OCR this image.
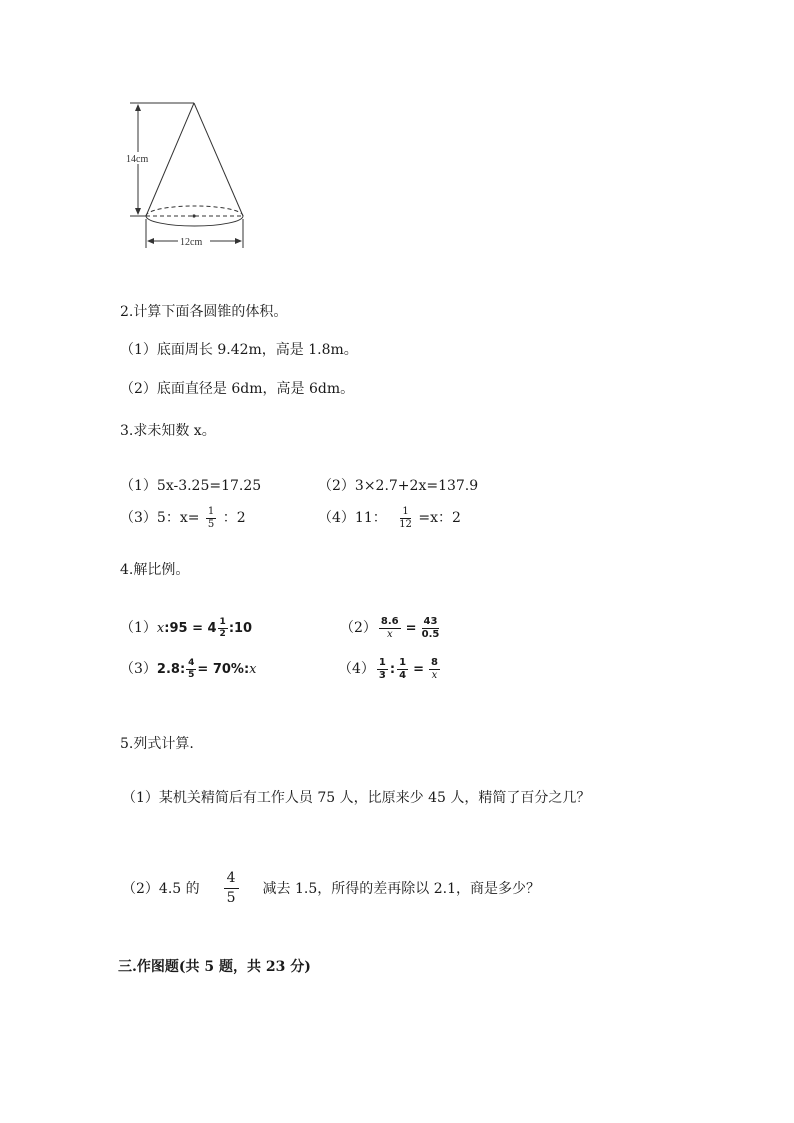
14cm
12cm
2.计算下面各圆锥的体积。
（1）底面周长 9.42m，高是 1.8m。
（2）底面直径是 6dm，高是 6dm。
3.求未知数 x。
（1）5x-3.25=17.25	（2）3×2.7+2x=137.9
（3）5：$x= \frac{1}{5}$ ：2	（4）11： $\frac{1}{12} =x$：2
4.解比例。
（1）x:95 = $4 \frac{1}{2}$ :10	$(2) \frac{8.6}{x} = \frac{43}{0.5}$
（3）2.8: $\frac{4}{5}$ = 70%:x	$(4) \frac{1}{3}$ : $\frac{1}{4} = \frac{8}{x}$
5.列式计算.
（1）某机关精简后有工作人员 75 人，比原来少 45 人，精简了百分之几？
（2）4.5 的 $\frac{4}{5}$ 减去 1.5，所得的差再除以 2.1，商是多少？
三.作图题(共 5 题，共 23 分)
